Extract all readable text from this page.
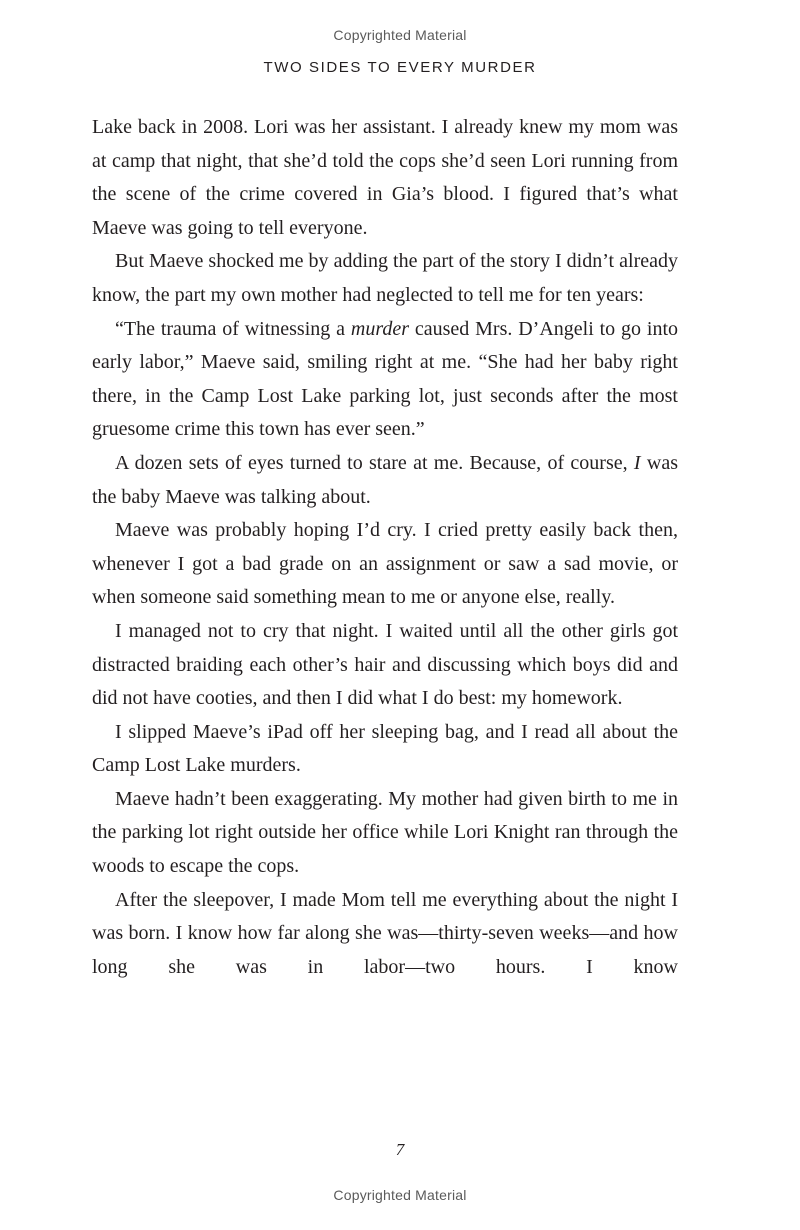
Copyrighted Material
TWO SIDES TO EVERY MURDER

Lake back in 2008. Lori was her assistant. I already knew my mom was at camp that night, that she’d told the cops she’d seen Lori running from the scene of the crime covered in Gia’s blood. I figured that’s what Maeve was going to tell everyone.

But Maeve shocked me by adding the part of the story I didn’t already know, the part my own mother had neglected to tell me for ten years:

“The trauma of witnessing a murder caused Mrs. D’Angeli to go into early labor,” Maeve said, smiling right at me. “She had her baby right there, in the Camp Lost Lake parking lot, just seconds after the most gruesome crime this town has ever seen.”

A dozen sets of eyes turned to stare at me. Because, of course, I was the baby Maeve was talking about.

Maeve was probably hoping I’d cry. I cried pretty easily back then, whenever I got a bad grade on an assignment or saw a sad movie, or when someone said something mean to me or anyone else, really.

I managed not to cry that night. I waited until all the other girls got distracted braiding each other’s hair and discussing which boys did and did not have cooties, and then I did what I do best: my homework.

I slipped Maeve’s iPad off her sleeping bag, and I read all about the Camp Lost Lake murders.

Maeve hadn’t been exaggerating. My mother had given birth to me in the parking lot right outside her office while Lori Knight ran through the woods to escape the cops.

After the sleepover, I made Mom tell me everything about the night I was born. I know how far along she was—thirty-seven weeks—and how long she was in labor—two hours. I know

7
Copyrighted Material
